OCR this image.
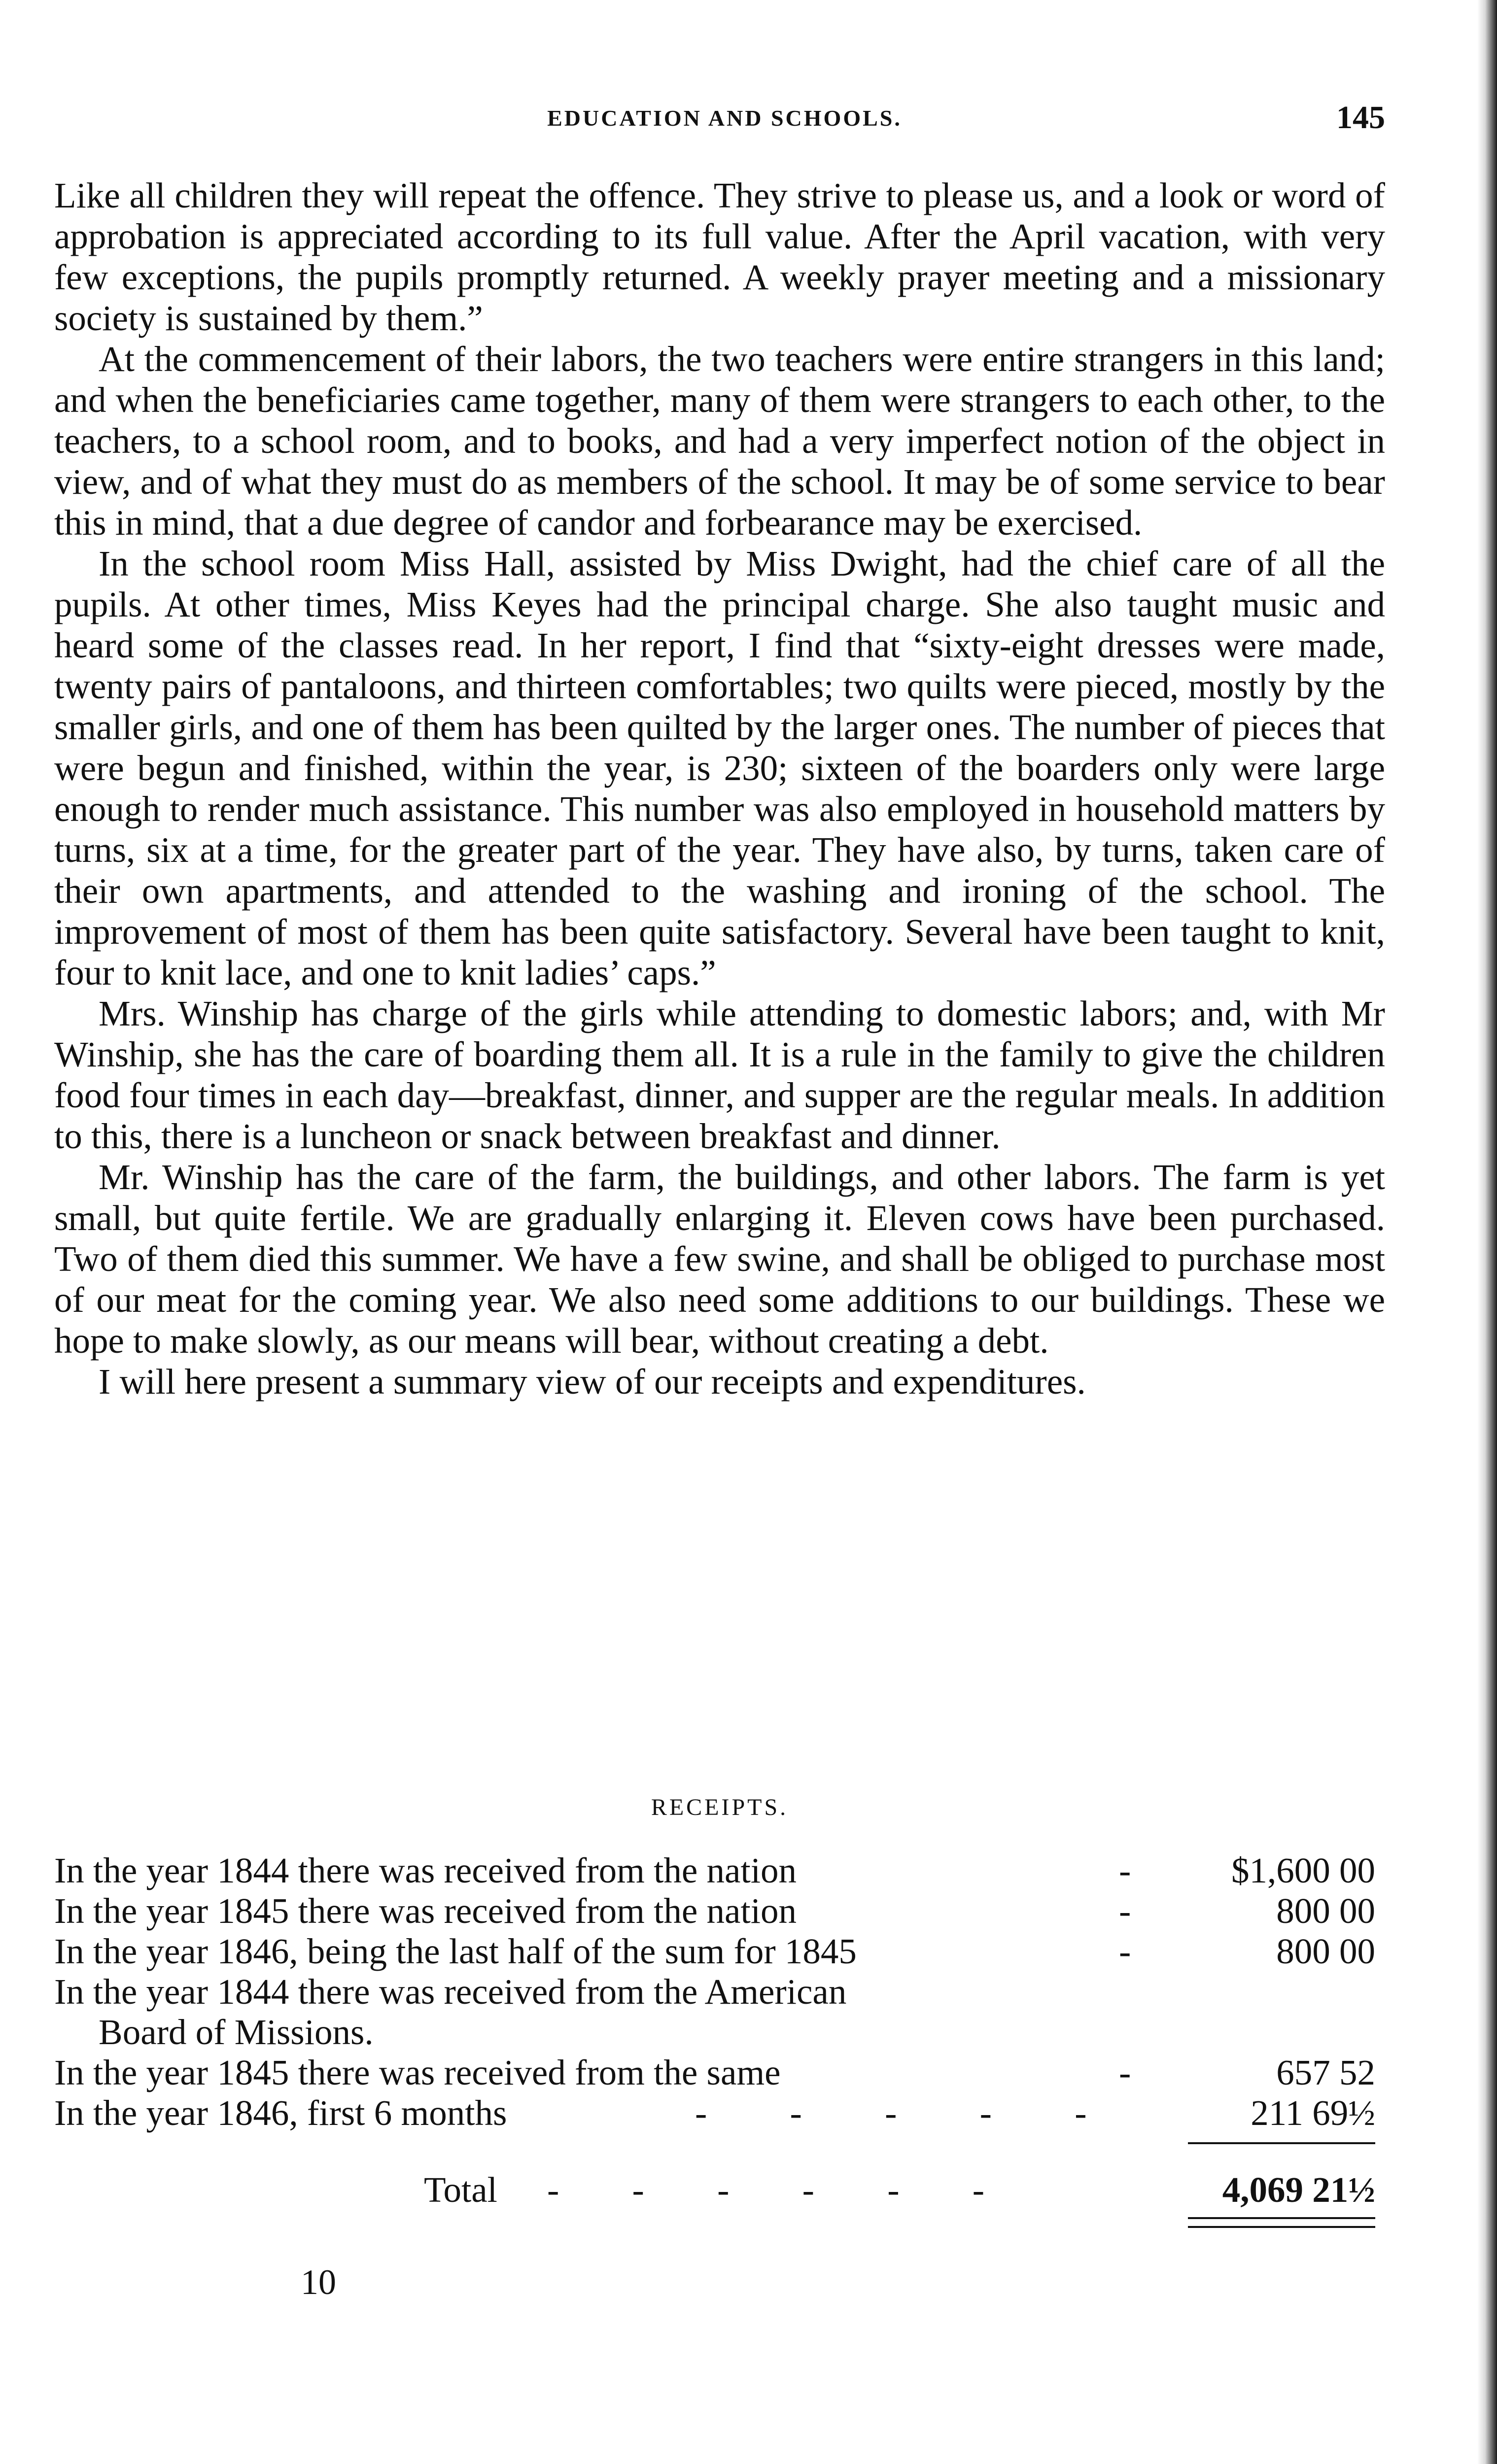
EDUCATION AND SCHOOLS.	145

Like all children they will repeat the offence. They strive to please us, and a look or word of approbation is appreciated according to its full value. After the April vacation, with very few exceptions, the pupils promptly returned. A weekly prayer meeting and a missionary society is sustained by them.”

At the commencement of their labors, the two teachers were entire strangers in this land; and when the beneficiaries came together, many of them were strangers to each other, to the teachers, to a school room, and to books, and had a very imperfect notion of the object in view, and of what they must do as members of the school. It may be of some service to bear this in mind, that a due degree of candor and forbearance may be exercised.

In the school room Miss Hall, assisted by Miss Dwight, had the chief care of all the pupils. At other times, Miss Keyes had the principal charge. She also taught music and heard some of the classes read. In her report, I find that “sixty-eight dresses were made, twenty pairs of pantaloons, and thirteen comfortables; two quilts were pieced, mostly by the smaller girls, and one of them has been quilted by the larger ones. The number of pieces that were begun and finished, within the year, is 230; sixteen of the boarders only were large enough to render much assistance. This number was also employed in household matters by turns, six at a time, for the greater part of the year. They have also, by turns, taken care of their own apartments, and attended to the washing and ironing of the school. The improvement of most of them has been quite satisfactory. Several have been taught to knit, four to knit lace, and one to knit ladies’ caps.”

Mrs. Winship has charge of the girls while attending to domestic labors; and, with Mr Winship, she has the care of boarding them all. It is a rule in the family to give the children food four times in each day—breakfast, dinner, and supper are the regular meals. In addition to this, there is a luncheon or snack between breakfast and dinner.

Mr. Winship has the care of the farm, the buildings, and other labors. The farm is yet small, but quite fertile. We are gradually enlarging it. Eleven cows have been purchased. Two of them died this summer. We have a few swine, and shall be obliged to purchase most of our meat for the coming year. We also need some additions to our buildings. These we hope to make slowly, as our means will bear, without creating a debt.

I will here present a summary view of our receipts and expenditures.

RECEIPTS.
In the year 1844 there was received from the nation	-	$1,600 00
In the year 1845 there was received from the nation	-	800 00
In the year 1846, being the last half of the sum for 1845	-	800 00
In the year 1844 there was received from the American
Board of Missions.
In the year 1845 there was received from the same	-	657 52
In the year 1846, first 6 months	- - - - -	211 69½
Total - - - - - -	4,069 21½
10
